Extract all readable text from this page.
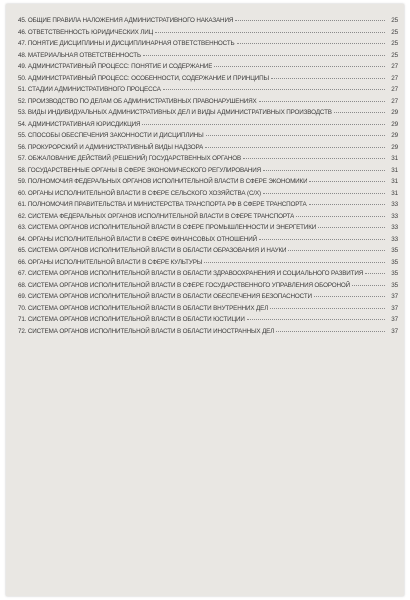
45. ОБЩИЕ ПРАВИЛА НАЛОЖЕНИЯ АДМИНИСТРАТИВНОГО НАКАЗАНИЯ	25
46. ОТВЕТСТВЕННОСТЬ ЮРИДИЧЕСКИХ ЛИЦ	25
47. ПОНЯТИЕ ДИСЦИПЛИНЫ И ДИСЦИПЛИНАРНАЯ ОТВЕТСТВЕННОСТЬ	25
48. МАТЕРИАЛЬНАЯ ОТВЕТСТВЕННОСТЬ	25
49. АДМИНИСТРАТИВНЫЙ ПРОЦЕСС: ПОНЯТИЕ И СОДЕРЖАНИЕ	27
50. АДМИНИСТРАТИВНЫЙ ПРОЦЕСС: ОСОБЕННОСТИ, СОДЕРЖАНИЕ И ПРИНЦИПЫ	27
51. СТАДИИ АДМИНИСТРАТИВНОГО ПРОЦЕССА	27
52. ПРОИЗВОДСТВО ПО ДЕЛАМ ОБ АДМИНИСТРАТИВНЫХ ПРАВОНАРУШЕНИЯХ	27
53. ВИДЫ ИНДИВИДУАЛЬНЫХ АДМИНИСТРАТИВНЫХ ДЕЛ И ВИДЫ АДМИНИСТРАТИВНЫХ ПРОИЗВОДСТВ	29
54. АДМИНИСТРАТИВНАЯ ЮРИСДИКЦИЯ	29
55. СПОСОБЫ ОБЕСПЕЧЕНИЯ ЗАКОННОСТИ И ДИСЦИПЛИНЫ	29
56. ПРОКУРОРСКИЙ И АДМИНИСТРАТИВНЫЙ ВИДЫ НАДЗОРА	29
57. ОБЖАЛОВАНИЕ ДЕЙСТВИЙ (РЕШЕНИЙ) ГОСУДАРСТВЕННЫХ ОРГАНОВ	31
58. ГОСУДАРСТВЕННЫЕ ОРГАНЫ В СФЕРЕ ЭКОНОМИЧЕСКОГО РЕГУЛИРОВАНИЯ	31
59. ПОЛНОМОЧИЯ ФЕДЕРАЛЬНЫХ ОРГАНОВ ИСПОЛНИТЕЛЬНОЙ ВЛАСТИ В СФЕРЕ ЭКОНОМИКИ	31
60. ОРГАНЫ ИСПОЛНИТЕЛЬНОЙ ВЛАСТИ В СФЕРЕ СЕЛЬСКОГО ХОЗЯЙСТВА (С/Х)	31
61. ПОЛНОМОЧИЯ ПРАВИТЕЛЬСТВА И МИНИСТЕРСТВА ТРАНСПОРТА РФ В СФЕРЕ ТРАНСПОРТА	33
62. СИСТЕМА ФЕДЕРАЛЬНЫХ ОРГАНОВ ИСПОЛНИТЕЛЬНОЙ ВЛАСТИ В СФЕРЕ ТРАНСПОРТА	33
63. СИСТЕМА ОРГАНОВ ИСПОЛНИТЕЛЬНОЙ ВЛАСТИ В СФЕРЕ ПРОМЫШЛЕННОСТИ И ЭНЕРГЕТИКИ	33
64. ОРГАНЫ ИСПОЛНИТЕЛЬНОЙ ВЛАСТИ В СФЕРЕ ФИНАНСОВЫХ ОТНОШЕНИЙ	33
65. СИСТЕМА ОРГАНОВ ИСПОЛНИТЕЛЬНОЙ ВЛАСТИ В ОБЛАСТИ ОБРАЗОВАНИЯ И НАУКИ	35
66. ОРГАНЫ ИСПОЛНИТЕЛЬНОЙ ВЛАСТИ В СФЕРЕ КУЛЬТУРЫ	35
67. СИСТЕМА ОРГАНОВ ИСПОЛНИТЕЛЬНОЙ ВЛАСТИ В ОБЛАСТИ ЗДРАВООХРАНЕНИЯ И СОЦИАЛЬНОГО РАЗВИТИЯ	35
68. СИСТЕМА ОРГАНОВ ИСПОЛНИТЕЛЬНОЙ ВЛАСТИ В СФЕРЕ ГОСУДАРСТВЕННОГО УПРАВЛЕНИЯ ОБОРОНОЙ	35
69. СИСТЕМА ОРГАНОВ ИСПОЛНИТЕЛЬНОЙ ВЛАСТИ В ОБЛАСТИ ОБЕСПЕЧЕНИЯ БЕЗОПАСНОСТИ	37
70. СИСТЕМА ОРГАНОВ ИСПОЛНИТЕЛЬНОЙ ВЛАСТИ В ОБЛАСТИ ВНУТРЕННИХ ДЕЛ	37
71. СИСТЕМА ОРГАНОВ ИСПОЛНИТЕЛЬНОЙ ВЛАСТИ В ОБЛАСТИ ЮСТИЦИИ	37
72. СИСТЕМА ОРГАНОВ ИСПОЛНИТЕЛЬНОЙ ВЛАСТИ В ОБЛАСТИ ИНОСТРАННЫХ ДЕЛ	37
